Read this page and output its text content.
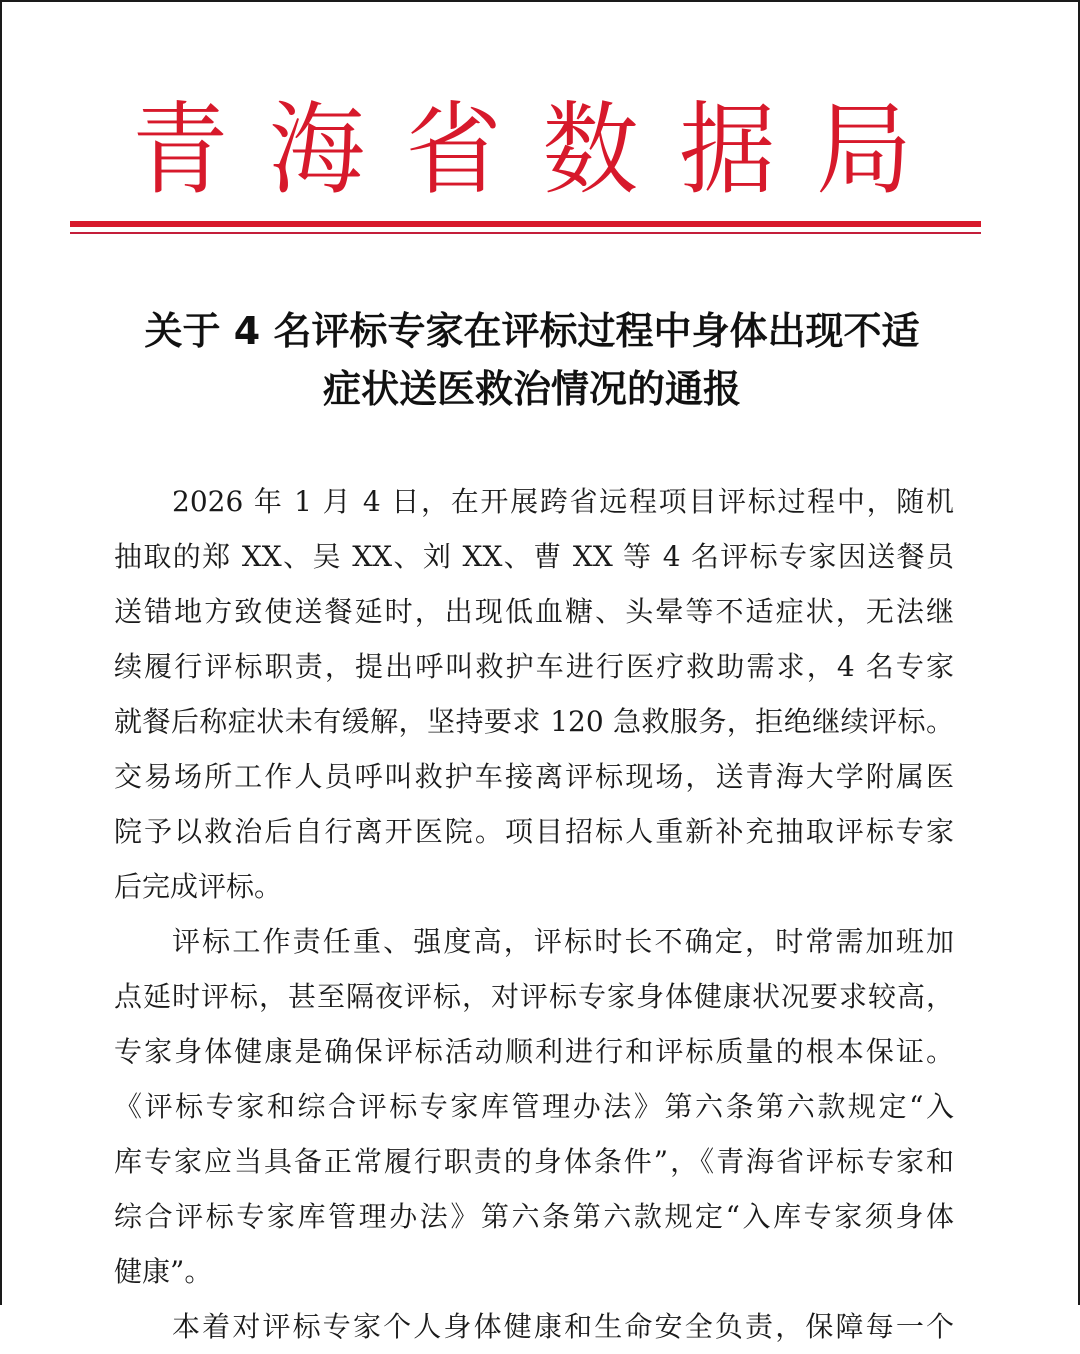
青 海 省 数 据 局
关于 4 名评标专家在评标过程中身体出现不适
症状送医救治情况的通报
2026 年 1 月 4 日，在开展跨省远程项目评标过程中，随机
抽取的郑 XX、吴 XX、刘 XX、曹 XX 等 4 名评标专家因送餐员
送错地方致使送餐延时，出现低血糖、头晕等不适症状，无法继
续履行评标职责，提出呼叫救护车进行医疗救助需求，4 名专家
就餐后称症状未有缓解，坚持要求 120 急救服务，拒绝继续评标。
交易场所工作人员呼叫救护车接离评标现场，送青海大学附属医
院予以救治后自行离开医院。项目招标人重新补充抽取评标专家
后完成评标。
评标工作责任重、强度高，评标时长不确定，时常需加班加
点延时评标，甚至隔夜评标，对评标专家身体健康状况要求较高，
专家身体健康是确保评标活动顺利进行和评标质量的根本保证。
《评标专家和综合评标专家库管理办法》第六条第六款规定“入
库专家应当具备正常履行职责的身体条件”，《青海省评标专家和
综合评标专家库管理办法》第六条第六款规定“入库专家须身体
健康”。
本着对评标专家个人身体健康和生命安全负责，保障每一个
